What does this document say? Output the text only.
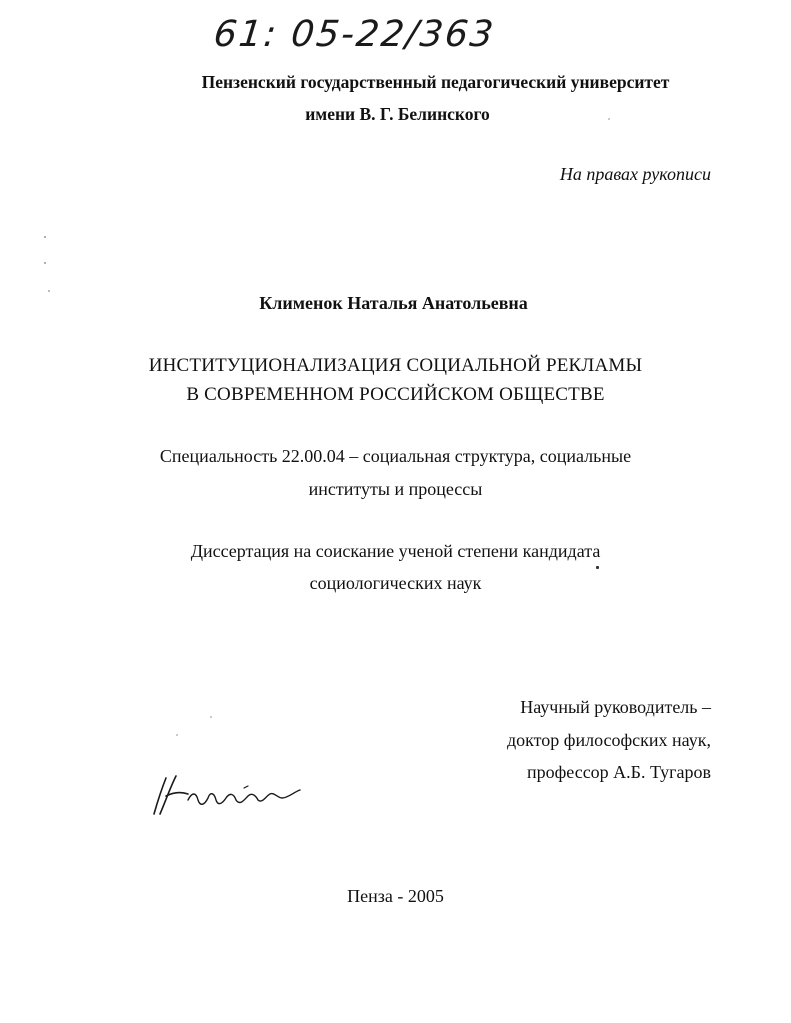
61: 05-22/363
Пензенский государственный педагогический университет
имени В. Г. Белинского
На правах рукописи
Клименок Наталья Анатольевна
ИНСТИТУЦИОНАЛИЗАЦИЯ СОЦИАЛЬНОЙ РЕКЛАМЫ
В СОВРЕМЕННОМ РОССИЙСКОМ ОБЩЕСТВЕ
Специальность 22.00.04 – социальная структура, социальные
институты и процессы
Диссертация на соискание ученой степени кандидата
социологических наук
Научный руководитель –
доктор философских наук,
профессор А.Б. Тугаров
Пенза - 2005
